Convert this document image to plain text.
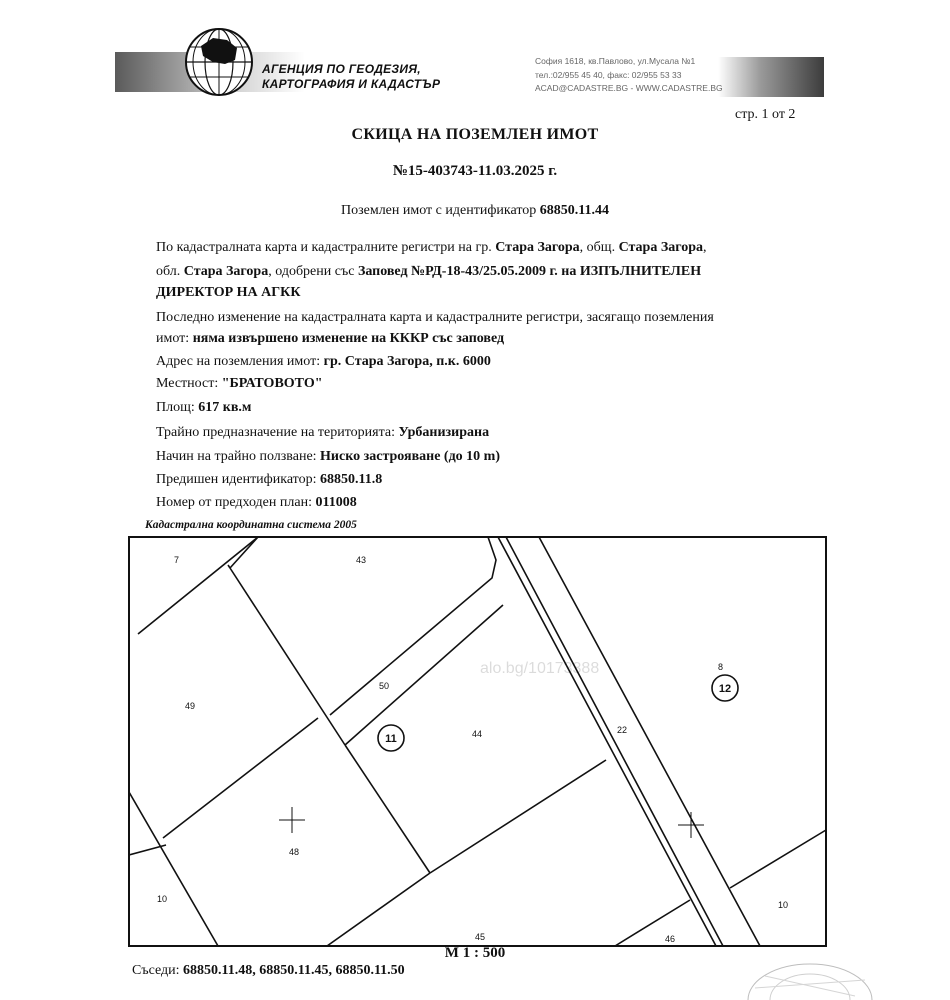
АГЕНЦИЯ ПО ГЕОДЕЗИЯ,
КАРТОГРАФИЯ И КАДАСТЪР
София 1618, кв.Павлово, ул.Мусала №1
тел.:02/955 45 40, факс: 02/955 53 33
ACAD@CADASTRE.BG - WWW.CADASTRE.BG
стр. 1 от 2
СКИЦА НА ПОЗЕМЛЕН ИМОТ
№15-403743-11.03.2025 г.
Поземлен имот с идентификатор 68850.11.44
По кадастралната карта и кадастралните регистри на гр. Стара Загора, общ. Стара Загора,
обл. Стара Загора, одобрени със Заповед №РД-18-43/25.05.2009 г. на ИЗПЪЛНИТЕЛЕН
ДИРЕКТОР НА АГКК
Последно изменение на кадастралната карта и кадастралните регистри, засягащо поземления
имот: няма извършено изменение на КККР със заповед
Адрес на поземления имот: гр. Стара Загора, п.к. 6000
Местност: "БРАТОВОТО"
Площ: 617 кв.м
Трайно предназначение на територията: Урбанизирана
Начин на трайно ползване: Ниско застрояване (до 10 m)
Предишен идентификатор: 68850.11.8
Номер от предходен план: 011008
Кадастрална координатна система 2005
7	43
49
50
44	22
8
48
10
10
45	46
11
12
alo.bg/10173388
М 1 : 500
Съседи: 68850.11.48, 68850.11.45, 68850.11.50
